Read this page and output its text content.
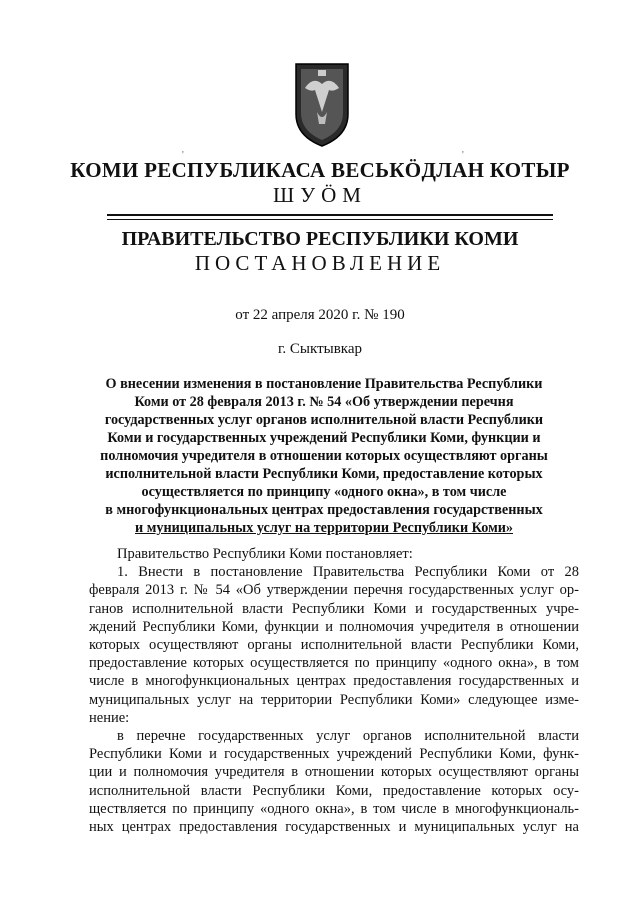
'	'
КОМИ РЕСПУБЛИКАСА ВЕСЬКÖДЛАН КОТЫР
ШУÖМ
ПРАВИТЕЛЬСТВО РЕСПУБЛИКИ КОМИ
ПОСТАНОВЛЕНИЕ
от 22 апреля 2020 г. № 190
г. Сыктывкар
О внесении изменения в постановление Правительства Республики
Коми от 28 февраля 2013 г. № 54 «Об утверждении перечня
государственных услуг органов исполнительной власти Республики
Коми и государственных учреждений Республики Коми, функции и
полномочия учредителя в отношении которых осуществляют органы
исполнительной власти Республики Коми, предоставление которых
осуществляется по принципу «одного окна», в том числе
в многофункциональных центрах предоставления государственных
и муниципальных услуг на территории Республики Коми»
Правительство Республики Коми постановляет:
1. Внести в постановление Правительства Республики Коми от 28
февраля 2013 г. № 54 «Об утверждении перечня государственных услуг ор-
ганов исполнительной власти Республики Коми и государственных учре-
ждений Республики Коми, функции и полномочия учредителя в отношении
которых осуществляют органы исполнительной власти Республики Коми,
предоставление которых осуществляется по принципу «одного окна», в том
числе в многофункциональных центрах предоставления государственных и
муниципальных услуг на территории Республики Коми» следующее изме-
нение:
в перечне государственных услуг органов исполнительной власти
Республики Коми и государственных учреждений Республики Коми, функ-
ции и полномочия учредителя в отношении которых осуществляют органы
исполнительной власти Республики Коми, предоставление которых осу-
ществляется по принципу «одного окна», в том числе в многофункциональ-
ных центрах предоставления государственных и муниципальных услуг на
